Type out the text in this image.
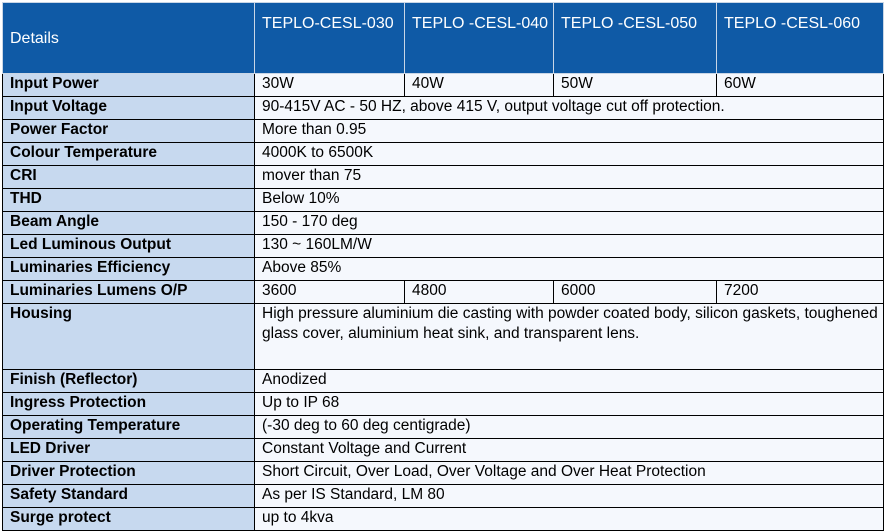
Details	TEPLO-CESL-030	TEPLO -CESL-040	TEPLO -CESL-050	TEPLO -CESL-060
Input Power	30W	40W	50W	60W
Input Voltage	90-415V AC - 50 HZ, above 415 V, output voltage cut off protection.			
Power Factor	More than 0.95			
Colour Temperature	4000K to 6500K			
CRI	mover than 75			
THD	Below 10%			
Beam Angle	150 - 170 deg			
Led Luminous Output	130 ~ 160LM/W			
Luminaries Efficiency	Above 85%			
Luminaries Lumens O/P	3600	4800	6000	7200
Housing	High pressure aluminium die casting with powder coated body, silicon gaskets, toughened glass cover, aluminium heat sink, and transparent lens.			
Finish (Reflector)	Anodized			
Ingress Protection	Up to IP 68			
Operating Temperature	(-30 deg to 60 deg centigrade)			
LED Driver	Constant Voltage and Current			
Driver Protection	Short Circuit, Over Load, Over Voltage and Over Heat Protection			
Safety Standard	As per IS Standard, LM 80			
Surge protect	up to 4kva			
